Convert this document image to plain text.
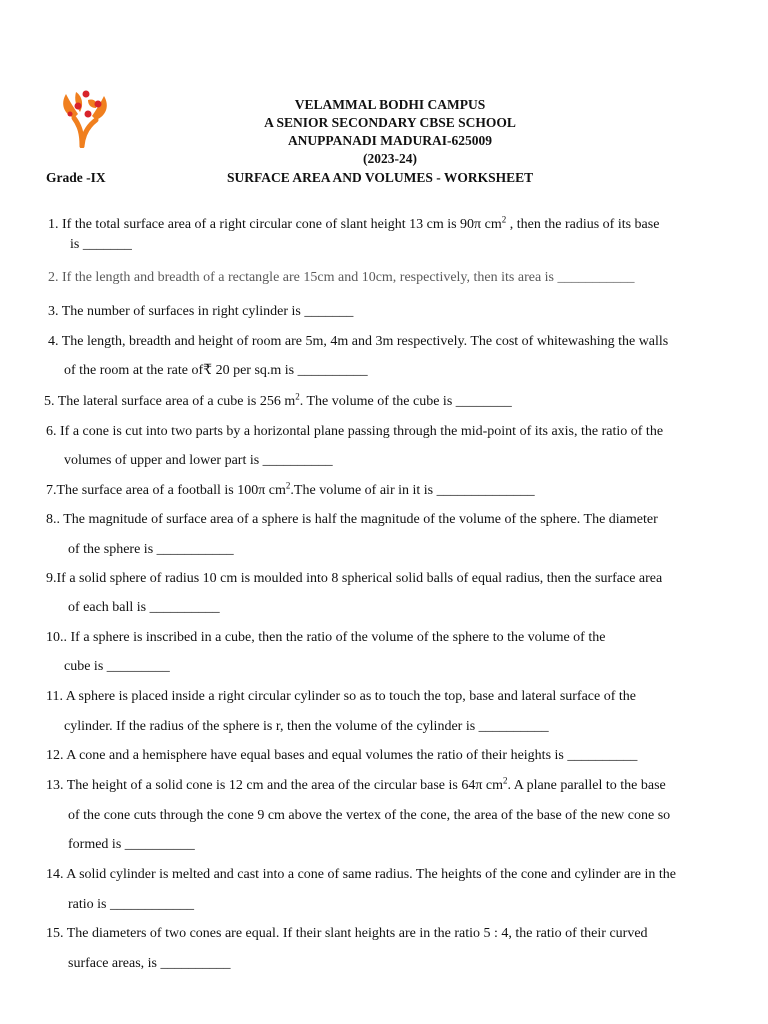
VELAMMAL BODHI CAMPUS
A SENIOR SECONDARY CBSE SCHOOL
ANUPPANADI MADURAI-625009
(2023-24)
Grade -IX	SURFACE AREA AND VOLUMES - WORKSHEET
1. If the total surface area of a right circular cone of slant height 13 cm is 90π $cm^2$ , then the radius of its base
is _______
2. If the length and breadth of a rectangle are 15cm and 10cm, respectively, then its area is ___________
3. The number of surfaces in right cylinder is _______
4. The length, breadth and height of room are 5m, 4m and 3m respectively. The cost of whitewashing the walls
of the room at the rate of₹ 20 per sq.m is __________
5. The lateral surface area of a cube is 256 $m^2$. The volume of the cube is ________
6. If a cone is cut into two parts by a horizontal plane passing through the mid-point of its axis, the ratio of the
volumes of upper and lower part is __________
7.The surface area of a football is 100π $cm^2.The$ volume of air in it is ______________
8.. The magnitude of surface area of a sphere is half the magnitude of the volume of the sphere. The diameter
of the sphere is ___________
9.If a solid sphere of radius 10 cm is moulded into 8 spherical solid balls of equal radius, then the surface area
of each ball is __________
10.. If a sphere is inscribed in a cube, then the ratio of the volume of the sphere to the volume of the
cube is _________
11. A sphere is placed inside a right circular cylinder so as to touch the top, base and lateral surface of the
cylinder. If the radius of the sphere is r, then the volume of the cylinder is __________
12. A cone and a hemisphere have equal bases and equal volumes the ratio of their heights is __________
13. The height of a solid cone is 12 cm and the area of the circular base is 64π $cm^2$. A plane parallel to the base
of the cone cuts through the cone 9 cm above the vertex of the cone, the area of the base of the new cone so
formed is __________
14. A solid cylinder is melted and cast into a cone of same radius. The heights of the cone and cylinder are in the
ratio is ____________
15. The diameters of two cones are equal. If their slant heights are in the ratio 5 : 4, the ratio of their curved
surface areas, is __________
